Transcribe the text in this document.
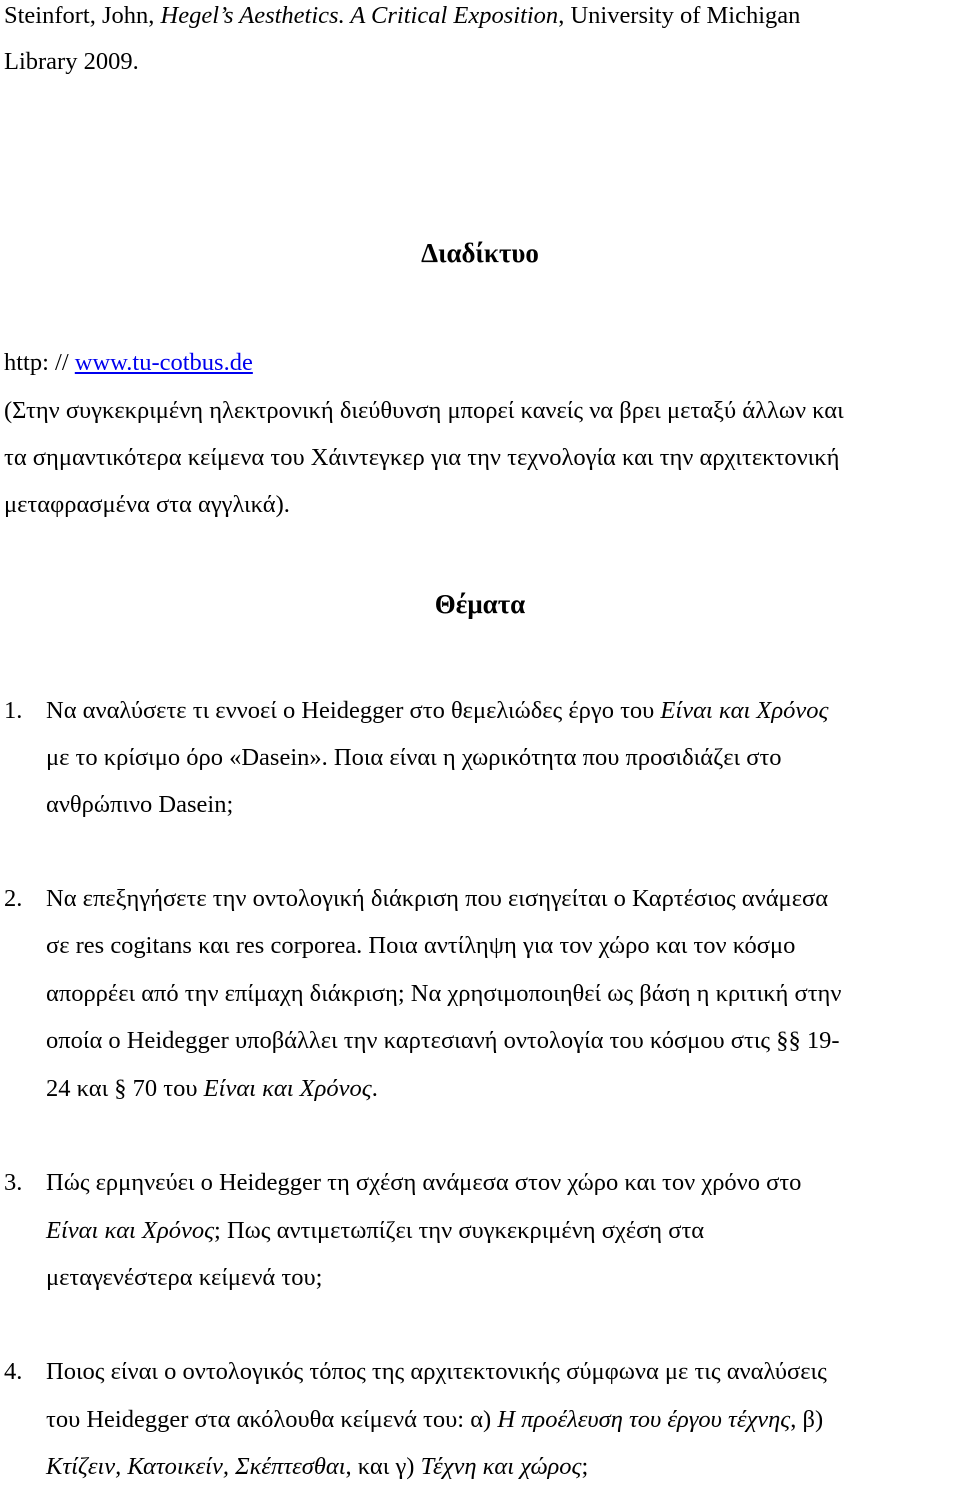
Steinfort, John, Hegel’s Aesthetics. A Critical Exposition, University of Michigan
Library 2009.
Διαδίκτυο
http: // www.tu-cotbus.de
(Στην συγκεκριμένη ηλεκτρονική διεύθυνση μπορεί κανείς να βρει μεταξύ άλλων και
τα σημαντικότερα κείμενα του Χάιντεγκερ για την τεχνολογία και την αρχιτεκτονική
μεταφρασμένα στα αγγλικά).
Θέματα
1. Να αναλύσετε τι εννοεί ο Heidegger στο θεμελιώδες έργο του Είναι και Χρόνος
με το κρίσιμο όρο «Dasein». Ποια είναι η χωρικότητα που προσιδιάζει στο
ανθρώπινο Dasein;
2. Να επεξηγήσετε την οντολογική διάκριση που εισηγείται ο Καρτέσιος ανάμεσα
σε res cogitans και res corporea. Ποια αντίληψη για τον χώρο και τον κόσμο
απορρέει από την επίμαχη διάκριση; Να χρησιμοποιηθεί ως βάση η κριτική στην
οποία ο Heidegger υποβάλλει την καρτεσιανή οντολογία του κόσμου στις §§ 19-
24 και § 70 του Είναι και Χρόνος.
3. Πώς ερμηνεύει ο Heidegger τη σχέση ανάμεσα στον χώρο και τον χρόνο στο
Είναι και Χρόνος; Πως αντιμετωπίζει την συγκεκριμένη σχέση στα
μεταγενέστερα κείμενά του;
4. Ποιος είναι ο οντολογικός τόπος της αρχιτεκτονικής σύμφωνα με τις αναλύσεις
του Heidegger στα ακόλουθα κείμενά του: α) Η προέλευση του έργου τέχνης, β)
Κτίζειν, Κατοικείν, Σκέπτεσθαι, και γ) Τέχνη και χώρος;
